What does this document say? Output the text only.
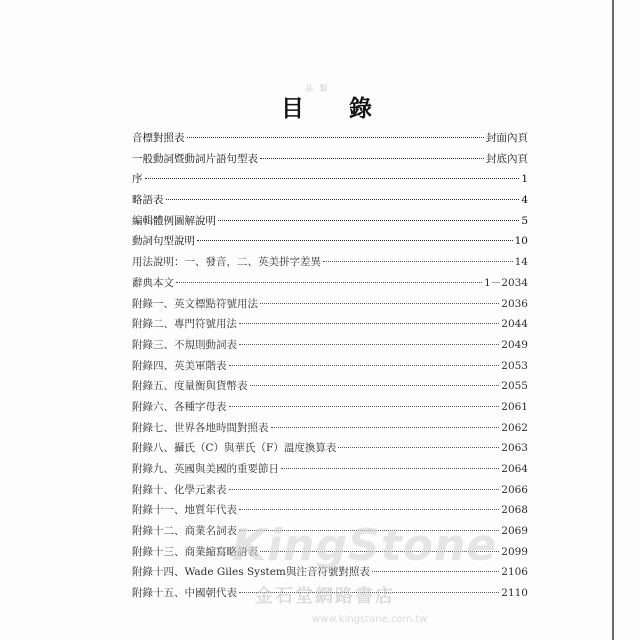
品 類
目 錄
音標對照表	封面內頁
一般動詞暨動詞片語句型表	封底內頁
序	1
略語表	4
編輯體例圖解說明	5
動詞句型說明	10
用法說明：一、發音，二、英美拼字差異	14
辭典本文	1－2034
附錄一、英文標點符號用法	2036
附錄二、專門符號用法	2044
附錄三、不規則動詞表	2049
附錄四、英美軍階表	2053
附錄五、度量衡與貨幣表	2055
附錄六、各種字母表	2061
附錄七、世界各地時間對照表	2062
附錄八、攝氏（C）與華氏（F）溫度換算表	2063
附錄九、英國與美國的重要節日	2064
附錄十、化學元素表	2066
附錄十一、地質年代表	2068
附錄十二、商業名詞表	2069
附錄十三、商業縮寫略語表	2099
附錄十四、Wade Giles System與注音符號對照表	2106
附錄十五、中國朝代表	2110
KingStone
金石堂網路書店
www.kingstone.com.tw
